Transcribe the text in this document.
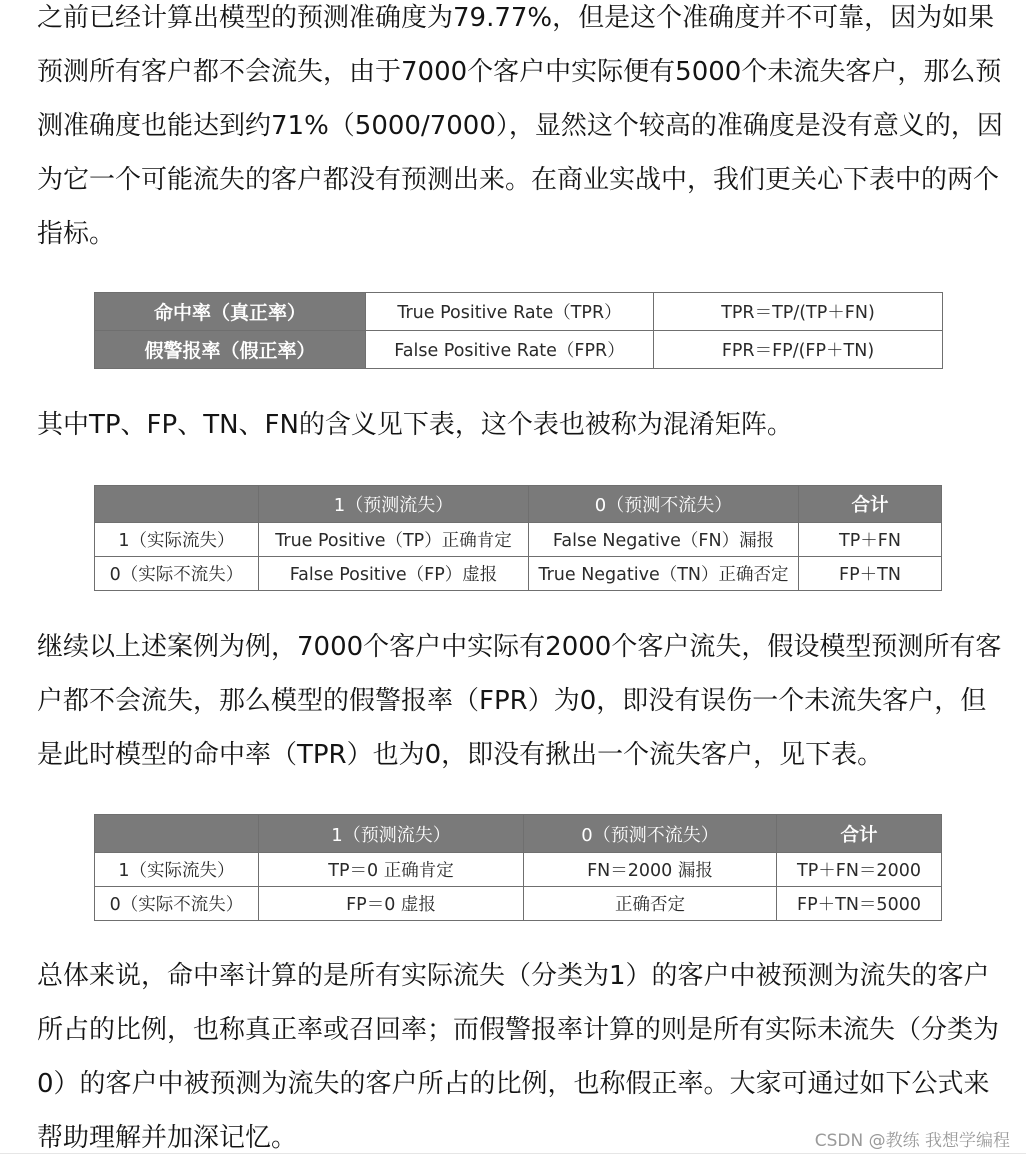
之前已经计算出模型的预测准确度为79.77%，但是这个准确度并不可靠，因为如果预测所有客户都不会流失，由于7000个客户中实际便有5000个未流失客户，那么预测准确度也能达到约71%（5000/7000），显然这个较高的准确度是没有意义的，因为它一个可能流失的客户都没有预测出来。在商业实战中，我们更关心下表中的两个指标。

命中率（真正率）	True Positive Rate（TPR）	TPR＝TP/(TP＋FN)
假警报率（假正率）	False Positive Rate（FPR）	FPR＝FP/(FP＋TN)

其中TP、FP、TN、FN的含义见下表，这个表也被称为混淆矩阵。

	1（预测流失）	0（预测不流失）	合计
1（实际流失）	True Positive（TP）正确肯定	False Negative（FN）漏报	TP＋FN
0（实际不流失）	False Positive（FP）虚报	True Negative（TN）正确否定	FP＋TN

继续以上述案例为例，7000个客户中实际有2000个客户流失，假设模型预测所有客户都不会流失，那么模型的假警报率（FPR）为0，即没有误伤一个未流失客户，但是此时模型的命中率（TPR）也为0，即没有揪出一个流失客户，见下表。

	1（预测流失）	0（预测不流失）	合计
1（实际流失）	TP＝0 正确肯定	FN＝2000 漏报	TP＋FN＝2000
0（实际不流失）	FP＝0 虚报	正确否定	FP＋TN＝5000

总体来说，命中率计算的是所有实际流失（分类为1）的客户中被预测为流失的客户所占的比例，也称真正率或召回率；而假警报率计算的则是所有实际未流失（分类为0）的客户中被预测为流失的客户所占的比例，也称假正率。大家可通过如下公式来帮助理解并加深记忆。	CSDN @教练 我想学编程
